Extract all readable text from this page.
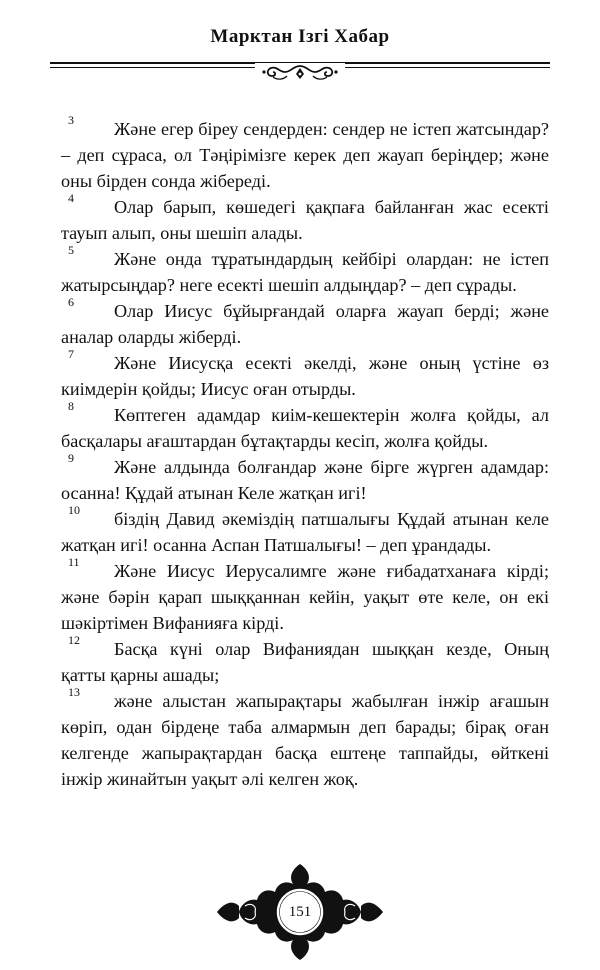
Марктан Ізгі Хабар

3 Және егер біреу сендерден: сендер не істеп жатсындар? – деп сұраса, ол Тәңірімізге керек деп жауап беріңдер; және оны бірден сонда жібереді.

4 Олар барып, көшедегі қақпаға байланған жас есекті тауып алып, оны шешіп алады.

5 Және онда тұратындардың кейбірі олардан: не істеп жатырсыңдар? неге есекті шешіп алдыңдар? – деп сұрады.

6 Олар Иисус бұйырғандай оларға жауап берді; және аналар оларды жіберді.

7 Және Иисусқа есекті әкелді, және оның үстіне өз киімдерін қойды; Иисус оған отырды.

8 Көптеген адамдар киім-кешектерін жолға қойды, ал басқалары ағаштардан бұтақтарды кесіп, жолға қойды.

9 Және алдында болғандар және бірге жүрген адамдар: осанна! Құдай атынан Келе жатқан игі!

10 біздің Давид әкеміздің патшалығы Құдай атынан келе жатқан игі! осанна Аспан Патшалығы! – деп ұрандады.

11 Және Иисус Иерусалимге және ғибадатханаға кірді; және бәрін қарап шыққаннан кейін, уақыт өте келе, он екі шәкіртімен Вифанияға кірді.

12 Басқа күні олар Вифаниядан шыққан кезде, Оның қатты қарны ашады;

13 және алыстан жапырақтары жабылған інжір ағашын көріп, одан бірдеңе таба алмармын деп барады; бірақ оған келгенде жапырақтардан басқа ештеңе таппайды, өйткені інжір жинайтын уақыт әлі келген жоқ.

151
